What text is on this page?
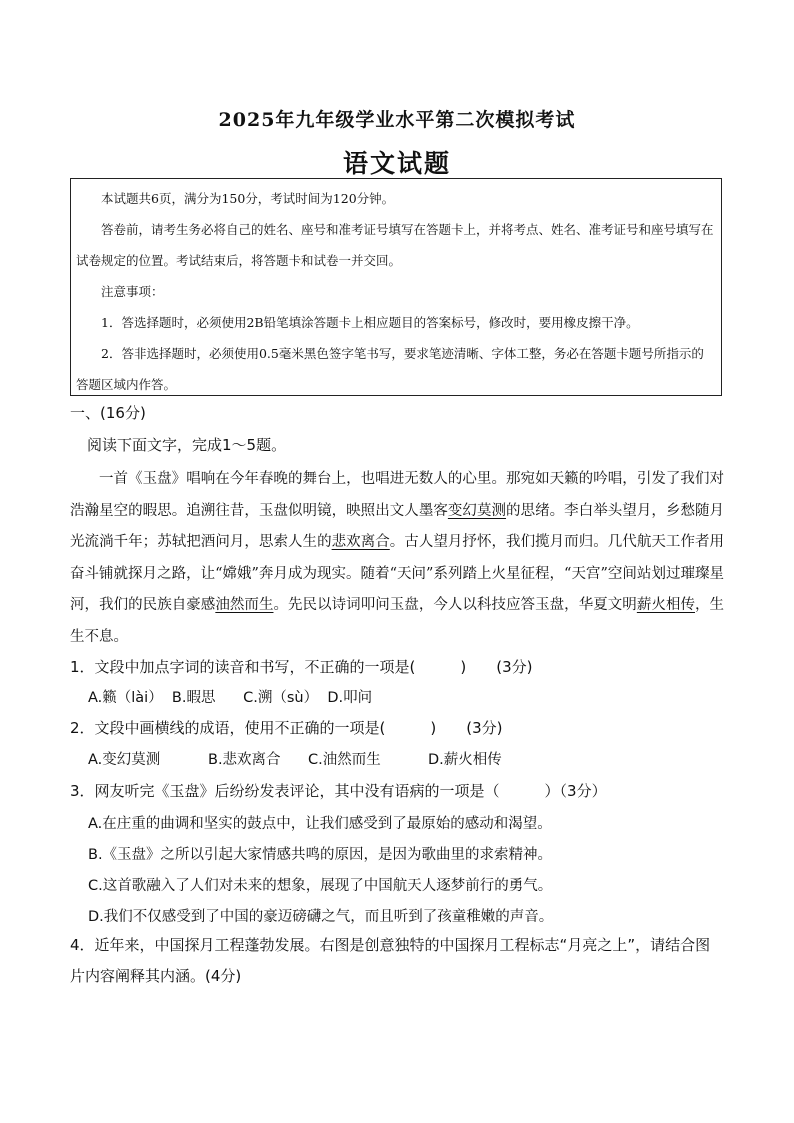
2025年九年级学业水平第二次模拟考试
语文试题

本试题共6页，满分为150分，考试时间为120分钟。

答卷前，请考生务必将自己的姓名、座号和准考证号填写在答题卡上，并将考点、姓名、准考证号和座号填写在试卷规定的位置。考试结束后，将答题卡和试卷一并交回。

注意事项：

1．答选择题时，必须使用2B铅笔填涂答题卡上相应题目的答案标号，修改时，要用橡皮擦干净。

2．答非选择题时，必须使用0.5毫米黑色签字笔书写，要求笔迹清晰、字体工整，务必在答题卡题号所指示的答题区域内作答。

一、(16分)
阅读下面文字，完成1～5题。

一首《玉盘》唱响在今年春晚的舞台上，也唱进无数人的心里。那宛如天籁的吟唱，引发了我们对浩瀚星空的暇思。追溯往昔，玉盘似明镜，映照出文人墨客变幻莫测的思绪。李白举头望月，乡愁随月光流淌千年；苏轼把酒问月，思索人生的悲欢离合。古人望月抒怀，我们揽月而归。几代航天工作者用奋斗铺就探月之路，让“嫦娥”奔月成为现实。随着“天问”系列踏上火星征程，“天宫”空间站划过璀璨星河，我们的民族自豪感油然而生。先民以诗词叩问玉盘，今人以科技应答玉盘，华夏文明薪火相传，生生不息。

1．文段中加点字词的读音和书写，不正确的一项是(　　　)　　(3分)
A.籁（lài）  B.暇思      C.溯（sù）  D.叩问
2．文段中画横线的成语，使用不正确的一项是(　　　)　　(3分)
A.变幻莫测	B.悲欢离合 C.油然而生	D.薪火相传
3．网友听完《玉盘》后纷纷发表评论，其中没有语病的一项是（　　　）（3分）
A.在庄重的曲调和坚实的鼓点中，让我们感受到了最原始的感动和渴望。
B.《玉盘》之所以引起大家情感共鸣的原因，是因为歌曲里的求索精神。
C.这首歌融入了人们对未来的想象，展现了中国航天人逐梦前行的勇气。
D.我们不仅感受到了中国的豪迈磅礴之气，而且听到了孩童稚嫩的声音。
4．近年来，中国探月工程蓬勃发展。右图是创意独特的中国探月工程标志“月亮之上”，请结合图片内容阐释其内涵。(4分)
